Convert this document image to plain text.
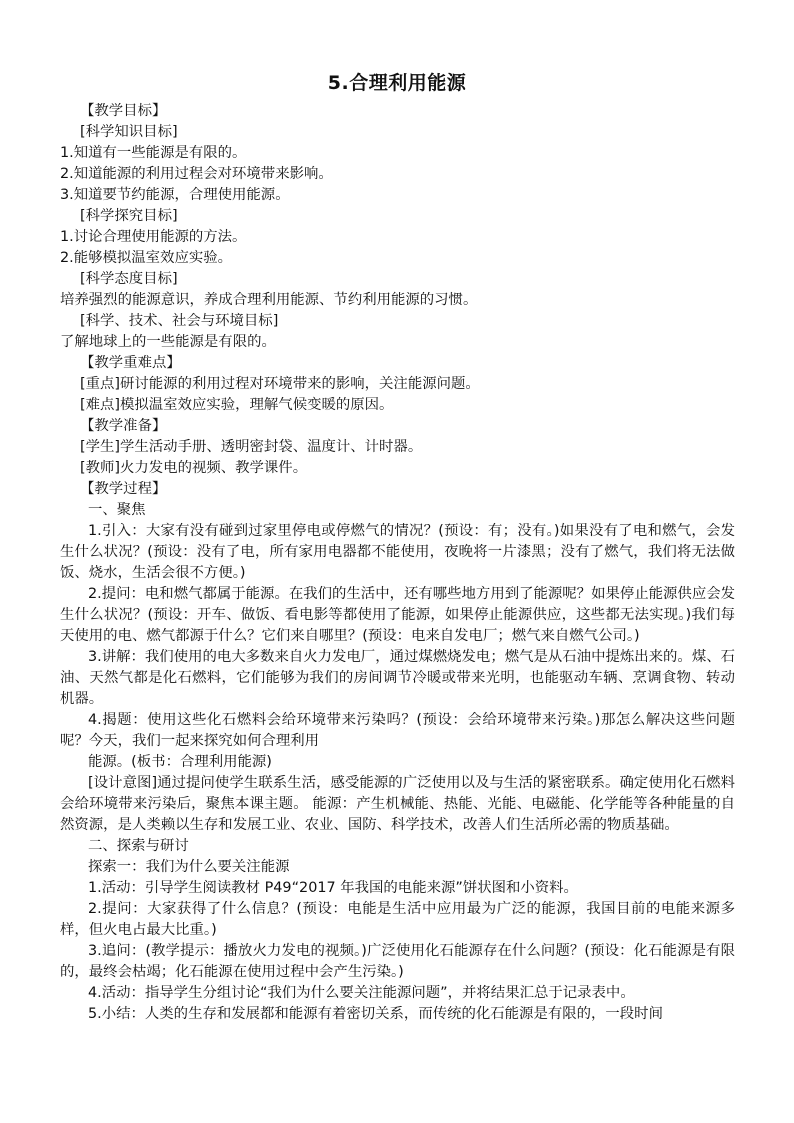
5.合理利用能源

【教学目标】

[科学知识目标]

1.知道有一些能源是有限的。

2.知道能源的利用过程会对环境带来影响。

3.知道要节约能源，合理使用能源。

[科学探究目标]

1.讨论合理使用能源的方法。

2.能够模拟温室效应实验。

[科学态度目标]

培养强烈的能源意识，养成合理利用能源、节约利用能源的习惯。

[科学、技术、社会与环境目标]

了解地球上的一些能源是有限的。

【教学重难点】

[重点]研讨能源的利用过程对环境带来的影响，关注能源问题。

[难点]模拟温室效应实验，理解气候变暖的原因。

【教学准备】

[学生]学生活动手册、透明密封袋、温度计、计时器。

[教师]火力发电的视频、教学课件。

【教学过程】

一、聚焦

1.引入：大家有没有碰到过家里停电或停燃气的情况？(预设：有；没有。)如果没有了电和燃气，会发生什么状况？(预设：没有了电，所有家用电器都不能使用，夜晚将一片漆黑；没有了燃气，我们将无法做饭、烧水，生活会很不方便。)

2.提问：电和燃气都属于能源。在我们的生活中，还有哪些地方用到了能源呢？如果停止能源供应会发生什么状况？(预设：开车、做饭、看电影等都使用了能源，如果停止能源供应，这些都无法实现。)我们每天使用的电、燃气都源于什么？它们来自哪里？(预设：电来自发电厂；燃气来自燃气公司。)

3.讲解：我们使用的电大多数来自火力发电厂，通过煤燃烧发电；燃气是从石油中提炼出来的。煤、石油、天然气都是化石燃料，它们能够为我们的房间调节冷暖或带来光明，也能驱动车辆、烹调食物、转动机器。

4.揭题：使用这些化石燃料会给环境带来污染吗？(预设：会给环境带来污染。)那怎么解决这些问题呢？今天，我们一起来探究如何合理利用

能源。(板书：合理利用能源)

[设计意图]通过提问使学生联系生活，感受能源的广泛使用以及与生活的紧密联系。确定使用化石燃料会给环境带来污染后，聚焦本课主题。 能源：产生机械能、热能、光能、电磁能、化学能等各种能量的自然资源，是人类赖以生存和发展工业、农业、国防、科学技术，改善人们生活所必需的物质基础。

二、探索与研讨

探索一：我们为什么要关注能源

1.活动：引导学生阅读教材 P49“2017 年我国的电能来源”饼状图和小资料。

2.提问：大家获得了什么信息？(预设：电能是生活中应用最为广泛的能源，我国目前的电能来源多样，但火电占最大比重。)

3.追问：(教学提示：播放火力发电的视频。)广泛使用化石能源存在什么问题？(预设：化石能源是有限的，最终会枯竭；化石能源在使用过程中会产生污染。)

4.活动：指导学生分组讨论“我们为什么要关注能源问题”，并将结果汇总于记录表中。

5.小结：人类的生存和发展都和能源有着密切关系，而传统的化石能源是有限的，一段时间
